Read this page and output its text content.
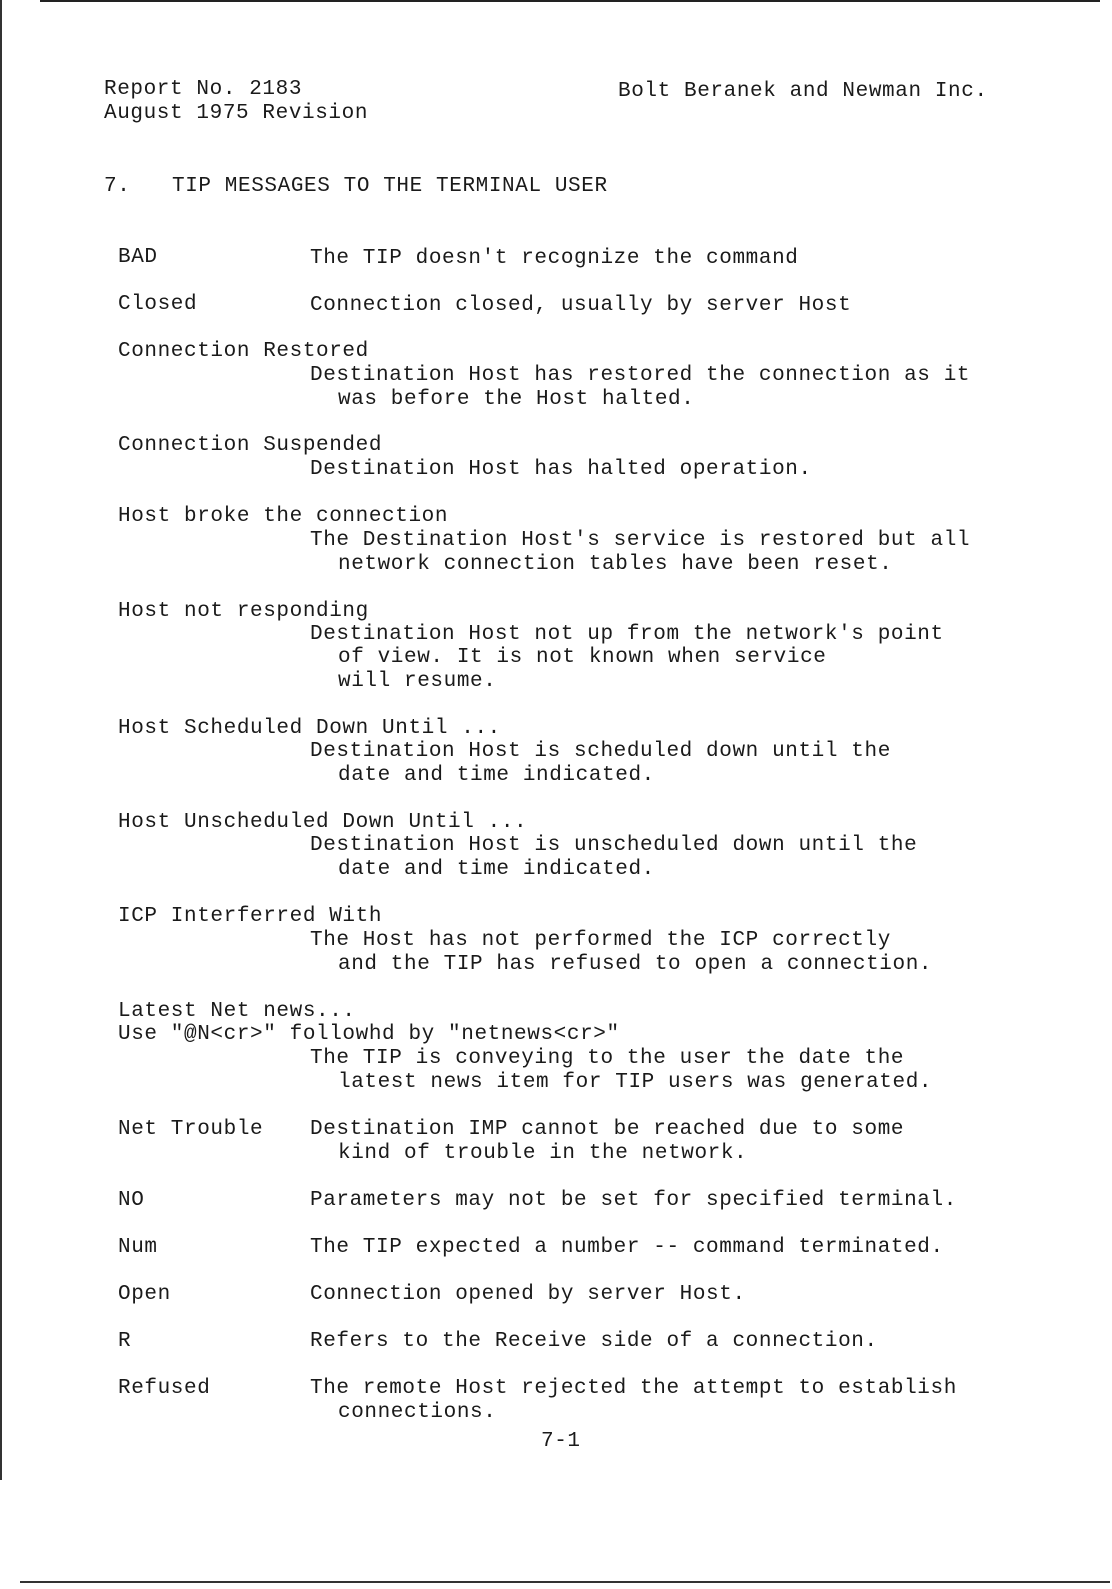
Report No. 2183
August 1975 Revision
Bolt Beranek and Newman Inc.
7. TIP MESSAGES TO THE TERMINAL USER
BAD	The TIP doesn't recognize the command
Closed	Connection closed, usually by server Host
Connection Restored
Destination Host has restored the connection as it
was before the Host halted.
Connection Suspended
Destination Host has halted operation.
Host broke the connection
The Destination Host's service is restored but all
network connection tables have been reset.
Host not responding
Destination Host not up from the network's point
of view. It is not known when service
will resume.
Host Scheduled Down Until ...
Destination Host is scheduled down until the
date and time indicated.
Host Unscheduled Down Until ...
Destination Host is unscheduled down until the
date and time indicated.
ICP Interferred With
The Host has not performed the ICP correctly
and the TIP has refused to open a connection.
Latest Net news...
Use "@N<cr>" followhd by "netnews<cr>"
The TIP is conveying to the user the date the
latest news item for TIP users was generated.
Net Trouble Destination IMP cannot be reached due to some
kind of trouble in the network.
NO	Parameters may not be set for specified terminal.
Num	The TIP expected a number -- command terminated.
Open	Connection opened by server Host.
R	Refers to the Receive side of a connection.
Refused	The remote Host rejected the attempt to establish
connections.
7-1
